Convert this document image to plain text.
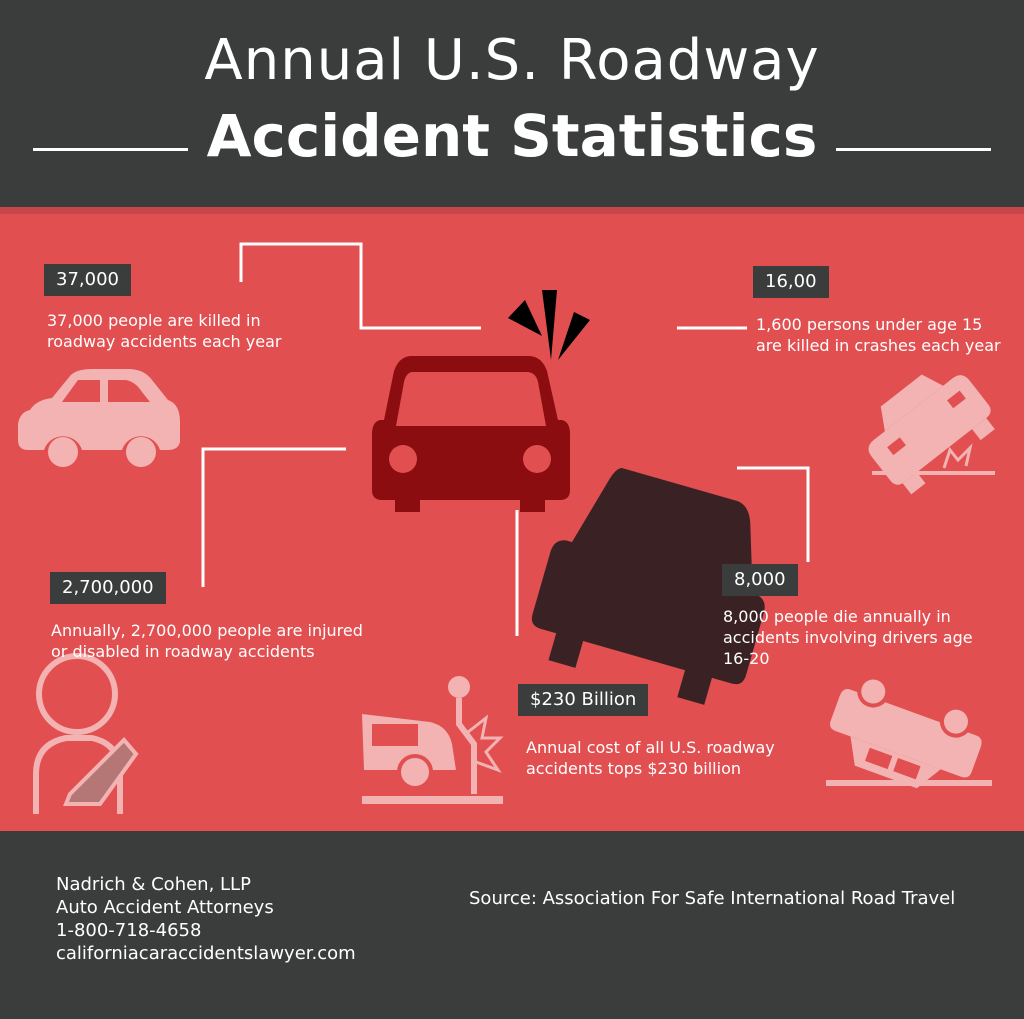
Annual U.S. Roadway
Accident Statistics
37,000
37,000 people are killed in
roadway accidents each year
16,00
1,600 persons under age 15
are killed in crashes each year
2,700,000
Annually, 2,700,000 people are injured
or disabled in roadway accidents
8,000
8,000 people die annually in
accidents involving drivers age
16-20
$230 Billion
Annual cost of all U.S. roadway
accidents tops $230 billion
Nadrich & Cohen, LLP
Auto Accident Attorneys
1-800-718-4658
californiacaraccidentslawyer.com
Source: Association For Safe International Road Travel
